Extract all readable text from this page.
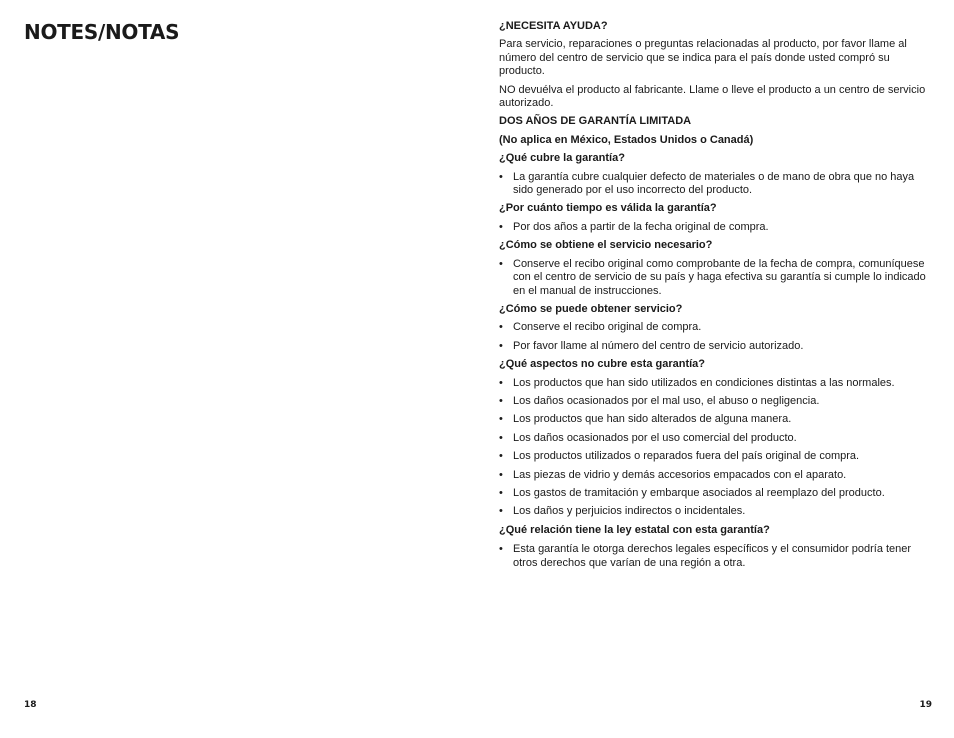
NOTES/NOTAS
18
¿NECESITA AYUDA?

Para servicio, reparaciones o preguntas relacionadas al producto, por favor llame al número del centro de servicio que se indica para el país donde usted compró su producto.

NO devuélva el producto al fabricante. Llame o lleve el producto a un centro de servicio autorizado.

DOS AÑOS DE GARANTÍA LIMITADA
(No aplica en México, Estados Unidos o Canadá)
¿Qué cubre la garantía?
• La garantía cubre cualquier defecto de materiales o de mano de obra que no haya sido generado por el uso incorrecto del producto.
¿Por cuánto tiempo es válida la garantía?
• Por dos años a partir de la fecha original de compra.
¿Cómo se obtiene el servicio necesario?
• Conserve el recibo original como comprobante de la fecha de compra, comuníquese con el centro de servicio de su país y haga efectiva su garantía si cumple lo indicado en el manual de instrucciones.
¿Cómo se puede obtener servicio?
• Conserve el recibo original de compra.
• Por favor llame al número del centro de servicio autorizado.
¿Qué aspectos no cubre esta garantía?
• Los productos que han sido utilizados en condiciones distintas a las normales.
• Los daños ocasionados por el mal uso, el abuso o negligencia.
• Los productos que han sido alterados de alguna manera.
• Los daños ocasionados por el uso comercial del producto.
• Los productos utilizados o reparados fuera del país original de compra.
• Las piezas de vidrio y demás accesorios empacados con el aparato.
• Los gastos de tramitación y embarque asociados al reemplazo del producto.
• Los daños y perjuicios indirectos o incidentales.
¿Qué relación tiene la ley estatal con esta garantía?
• Esta garantía le otorga derechos legales específicos y el consumidor podría tener otros derechos que varían de una región a otra.
19
